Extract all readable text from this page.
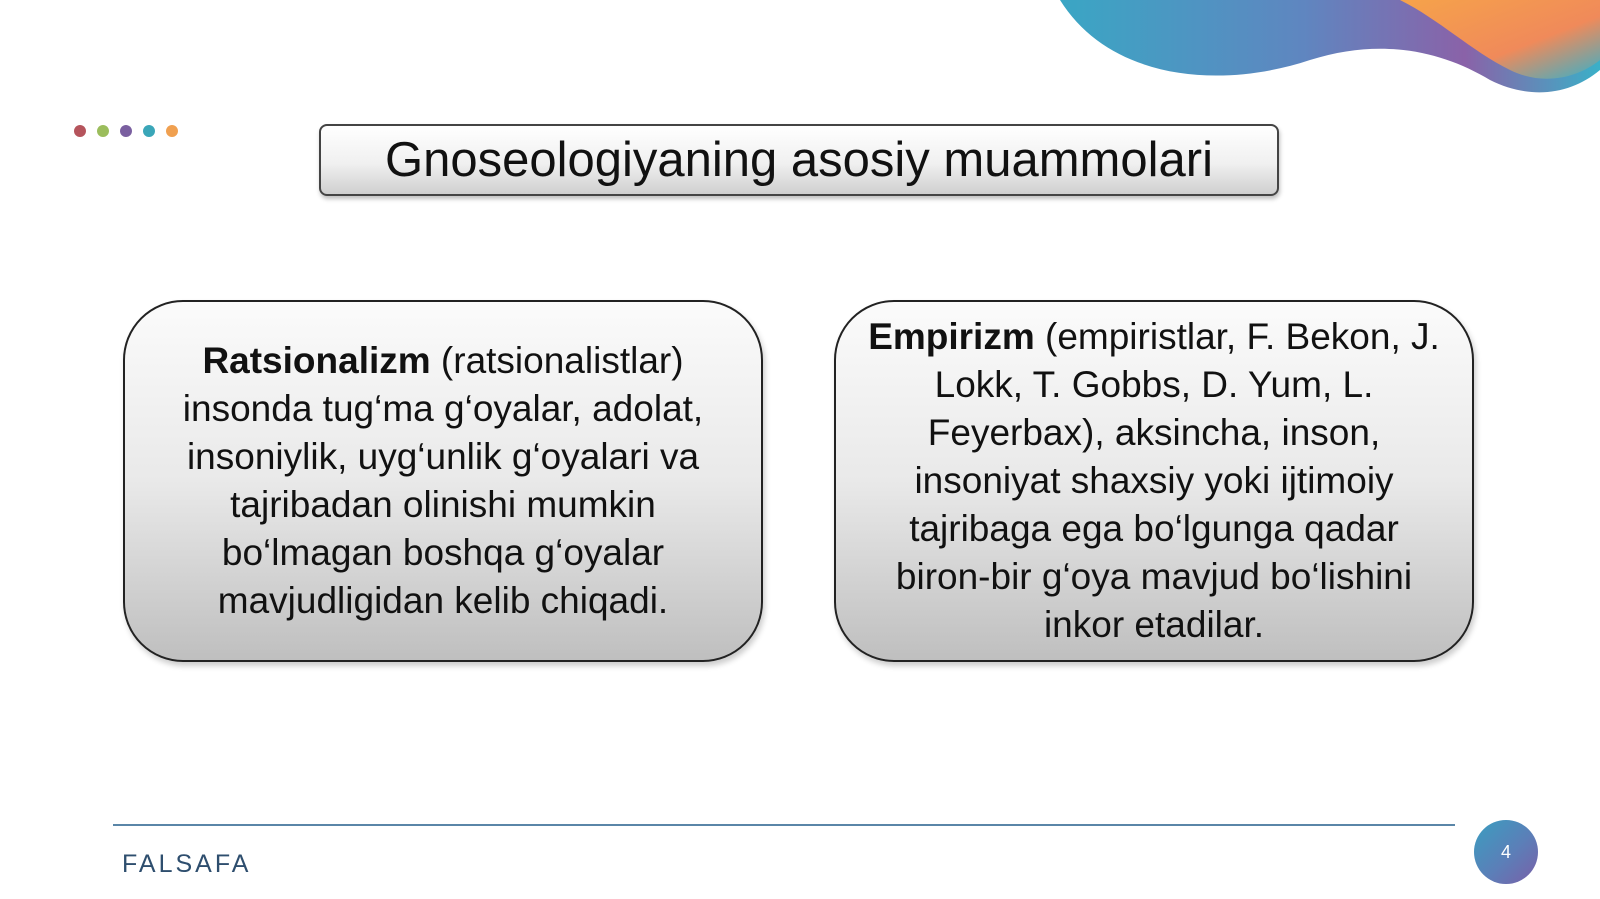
Gnoseologiyaning asosiy muammolari

Ratsionalizm (ratsionalistlar) insonda tug‘ma g‘oyalar, adolat, insoniylik, uyg‘unlik g‘oyalari va tajribadan olinishi mumkin bo‘lmagan boshqa g‘oyalar mavjudligidan kelib chiqadi.

Empirizm (empiristlar, F. Bekon, J. Lokk, T. Gobbs, D. Yum, L. Feyerbax), aksincha, inson, insoniyat shaxsiy yoki ijtimoiy tajribaga ega bo‘lgunga qadar biron-bir g‘oya mavjud bo‘lishini inkor etadilar.

FALSAFA	4
